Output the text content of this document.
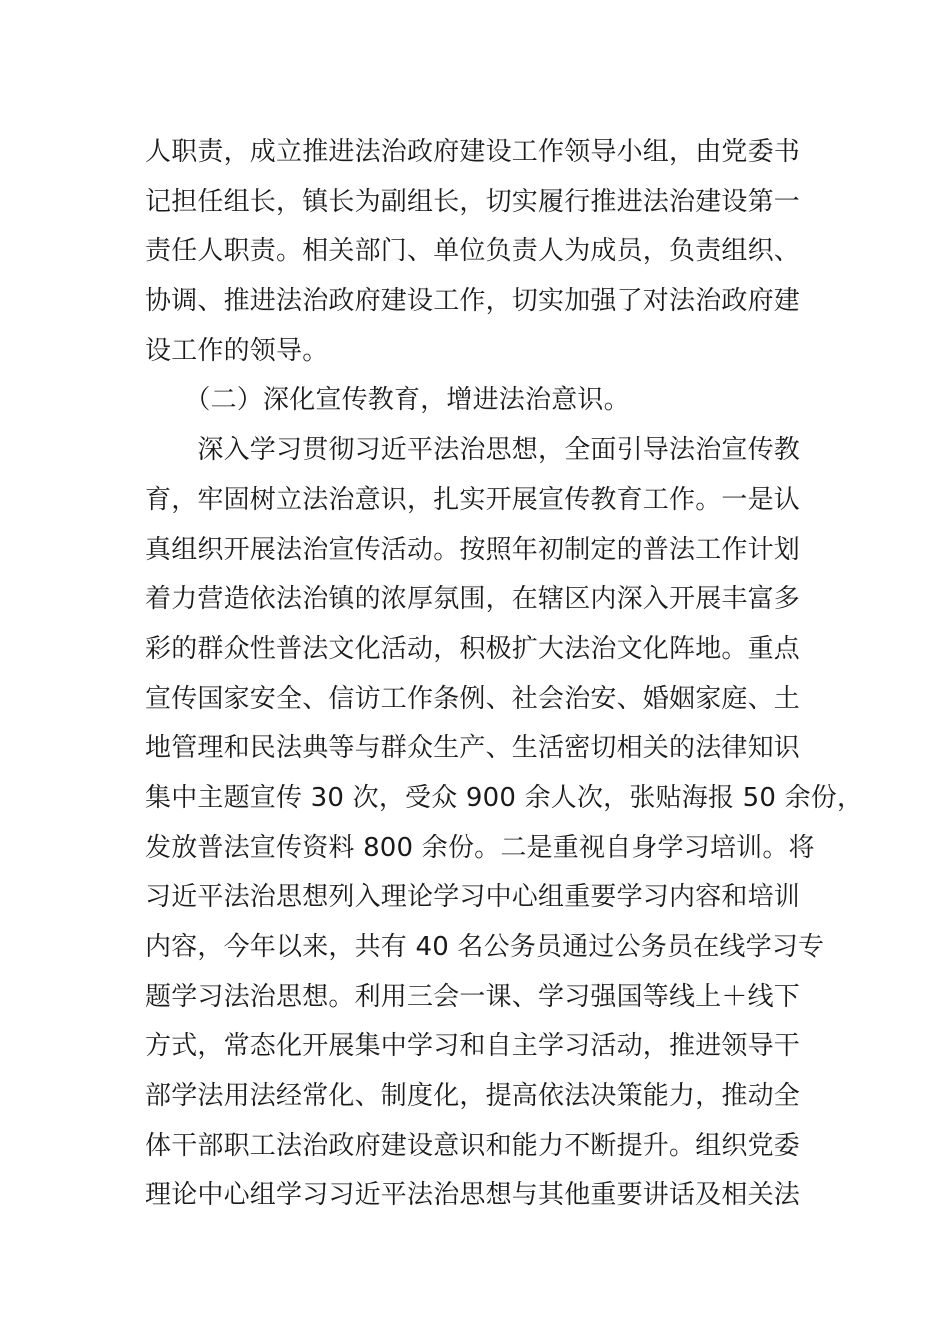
人职责，成立推进法治政府建设工作领导小组，由党委书

记担任组长，镇长为副组长，切实履行推进法治建设第一

责任人职责。相关部门、单位负责人为成员，负责组织、

协调、推进法治政府建设工作，切实加强了对法治政府建

设工作的领导。

　　（二）深化宣传教育，增进法治意识。

　　深入学习贯彻习近平法治思想，全面引导法治宣传教

育，牢固树立法治意识，扎实开展宣传教育工作。一是认

真组织开展法治宣传活动。按照年初制定的普法工作计划

着力营造依法治镇的浓厚氛围，在辖区内深入开展丰富多

彩的群众性普法文化活动，积极扩大法治文化阵地。重点

宣传国家安全、信访工作条例、社会治安、婚姻家庭、土

地管理和民法典等与群众生产、生活密切相关的法律知识

集中主题宣传 30 次，受众 900 余人次，张贴海报 50 余份，

发放普法宣传资料 800 余份。二是重视自身学习培训。将

习近平法治思想列入理论学习中心组重要学习内容和培训

内容，今年以来，共有 40 名公务员通过公务员在线学习专

题学习法治思想。利用三会一课、学习强国等线上＋线下

方式，常态化开展集中学习和自主学习活动，推进领导干

部学法用法经常化、制度化，提高依法决策能力，推动全

体干部职工法治政府建设意识和能力不断提升。组织党委

理论中心组学习习近平法治思想与其他重要讲话及相关法
